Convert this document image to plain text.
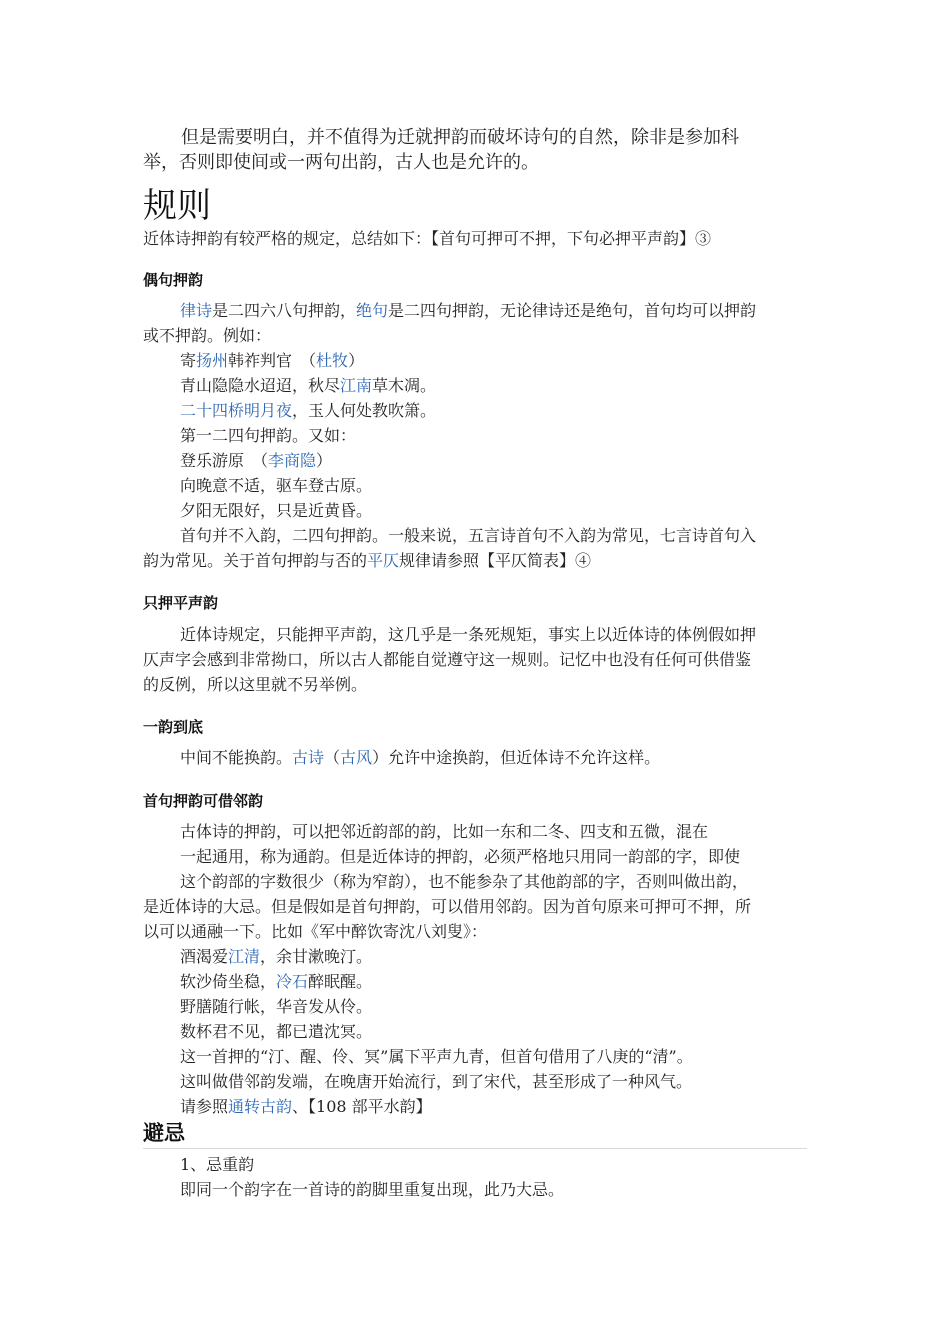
但是需要明白，并不值得为迁就押韵而破坏诗句的自然，除非是参加科
举，否则即使间或一两句出韵，古人也是允许的。
规则
近体诗押韵有较严格的规定，总结如下：【首句可押可不押，下句必押平声韵】③
偶句押韵
律诗是二四六八句押韵，绝句是二四句押韵，无论律诗还是绝句，首句均可以押韵
或不押韵。例如：
寄扬州韩祚判官　（杜牧）
青山隐隐水迢迢，秋尽江南草木凋。
二十四桥明月夜，玉人何处教吹箫。
第一二四句押韵。又如：
登乐游原　（李商隐）
向晚意不适，驱车登古原。
夕阳无限好，只是近黄昏。
首句并不入韵，二四句押韵。一般来说，五言诗首句不入韵为常见，七言诗首句入
韵为常见。关于首句押韵与否的平仄规律请参照【平仄简表】④
只押平声韵
近体诗规定，只能押平声韵，这几乎是一条死规矩，事实上以近体诗的体例假如押
仄声字会感到非常拗口，所以古人都能自觉遵守这一规则。记忆中也没有任何可供借鉴
的反例，所以这里就不另举例。
一韵到底
中间不能换韵。古诗（古风）允许中途换韵，但近体诗不允许这样。
首句押韵可借邻韵
古体诗的押韵，可以把邻近韵部的韵，比如一东和二冬、四支和五微，混在
一起通用，称为通韵。但是近体诗的押韵，必须严格地只用同一韵部的字，即使
这个韵部的字数很少（称为窄韵），也不能参杂了其他韵部的字，否则叫做出韵，
是近体诗的大忌。但是假如是首句押韵，可以借用邻韵。因为首句原来可押可不押，所
以可以通融一下。比如《军中醉饮寄沈八刘叟》：
酒渴爱江清，余甘漱晚汀。
软沙倚坐稳，冷石醉眠醒。
野膳随行帐，华音发从伶。
数杯君不见，都已遣沈冥。
这一首押的“汀、醒、伶、冥”属下平声九青，但首句借用了八庚的“清”。
这叫做借邻韵发端，在晚唐开始流行，到了宋代，甚至形成了一种风气。
请参照通转古韵、【108 部平水韵】
避忌
1、忌重韵
即同一个韵字在一首诗的韵脚里重复出现，此乃大忌。
